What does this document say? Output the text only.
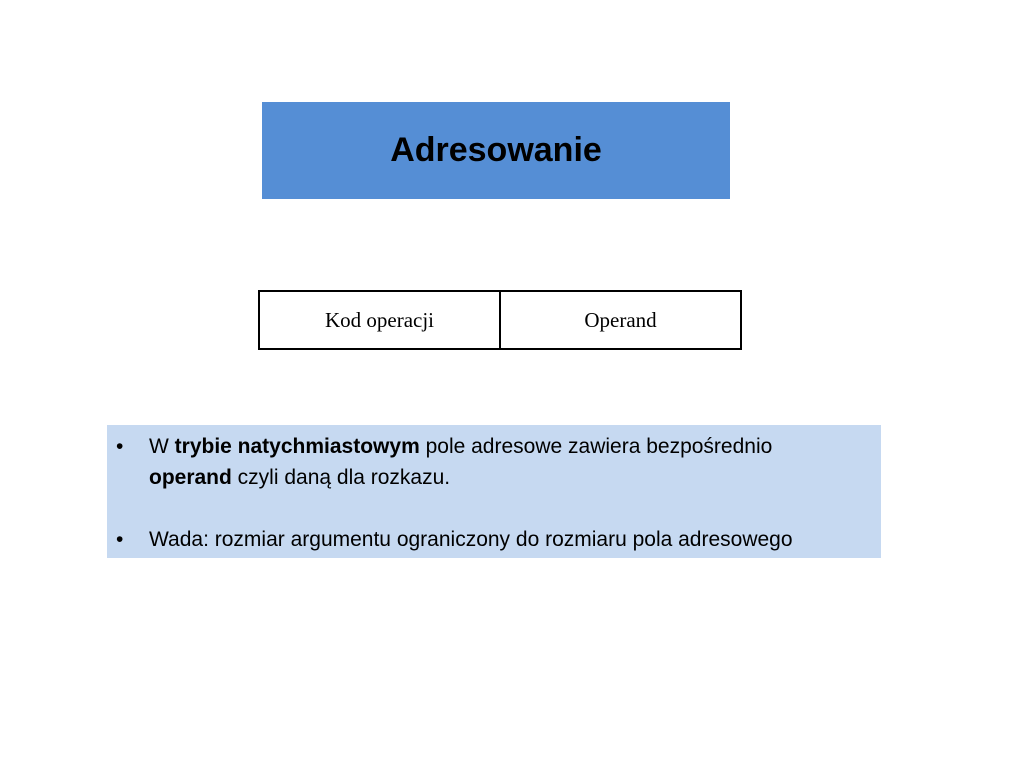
Adresowanie
Kod operacji	Operand
• W trybie natychmiastowym pole adresowe zawiera bezpośrednio
operand czyli daną dla rozkazu.
• Wada: rozmiar argumentu ograniczony do rozmiaru pola adresowego
